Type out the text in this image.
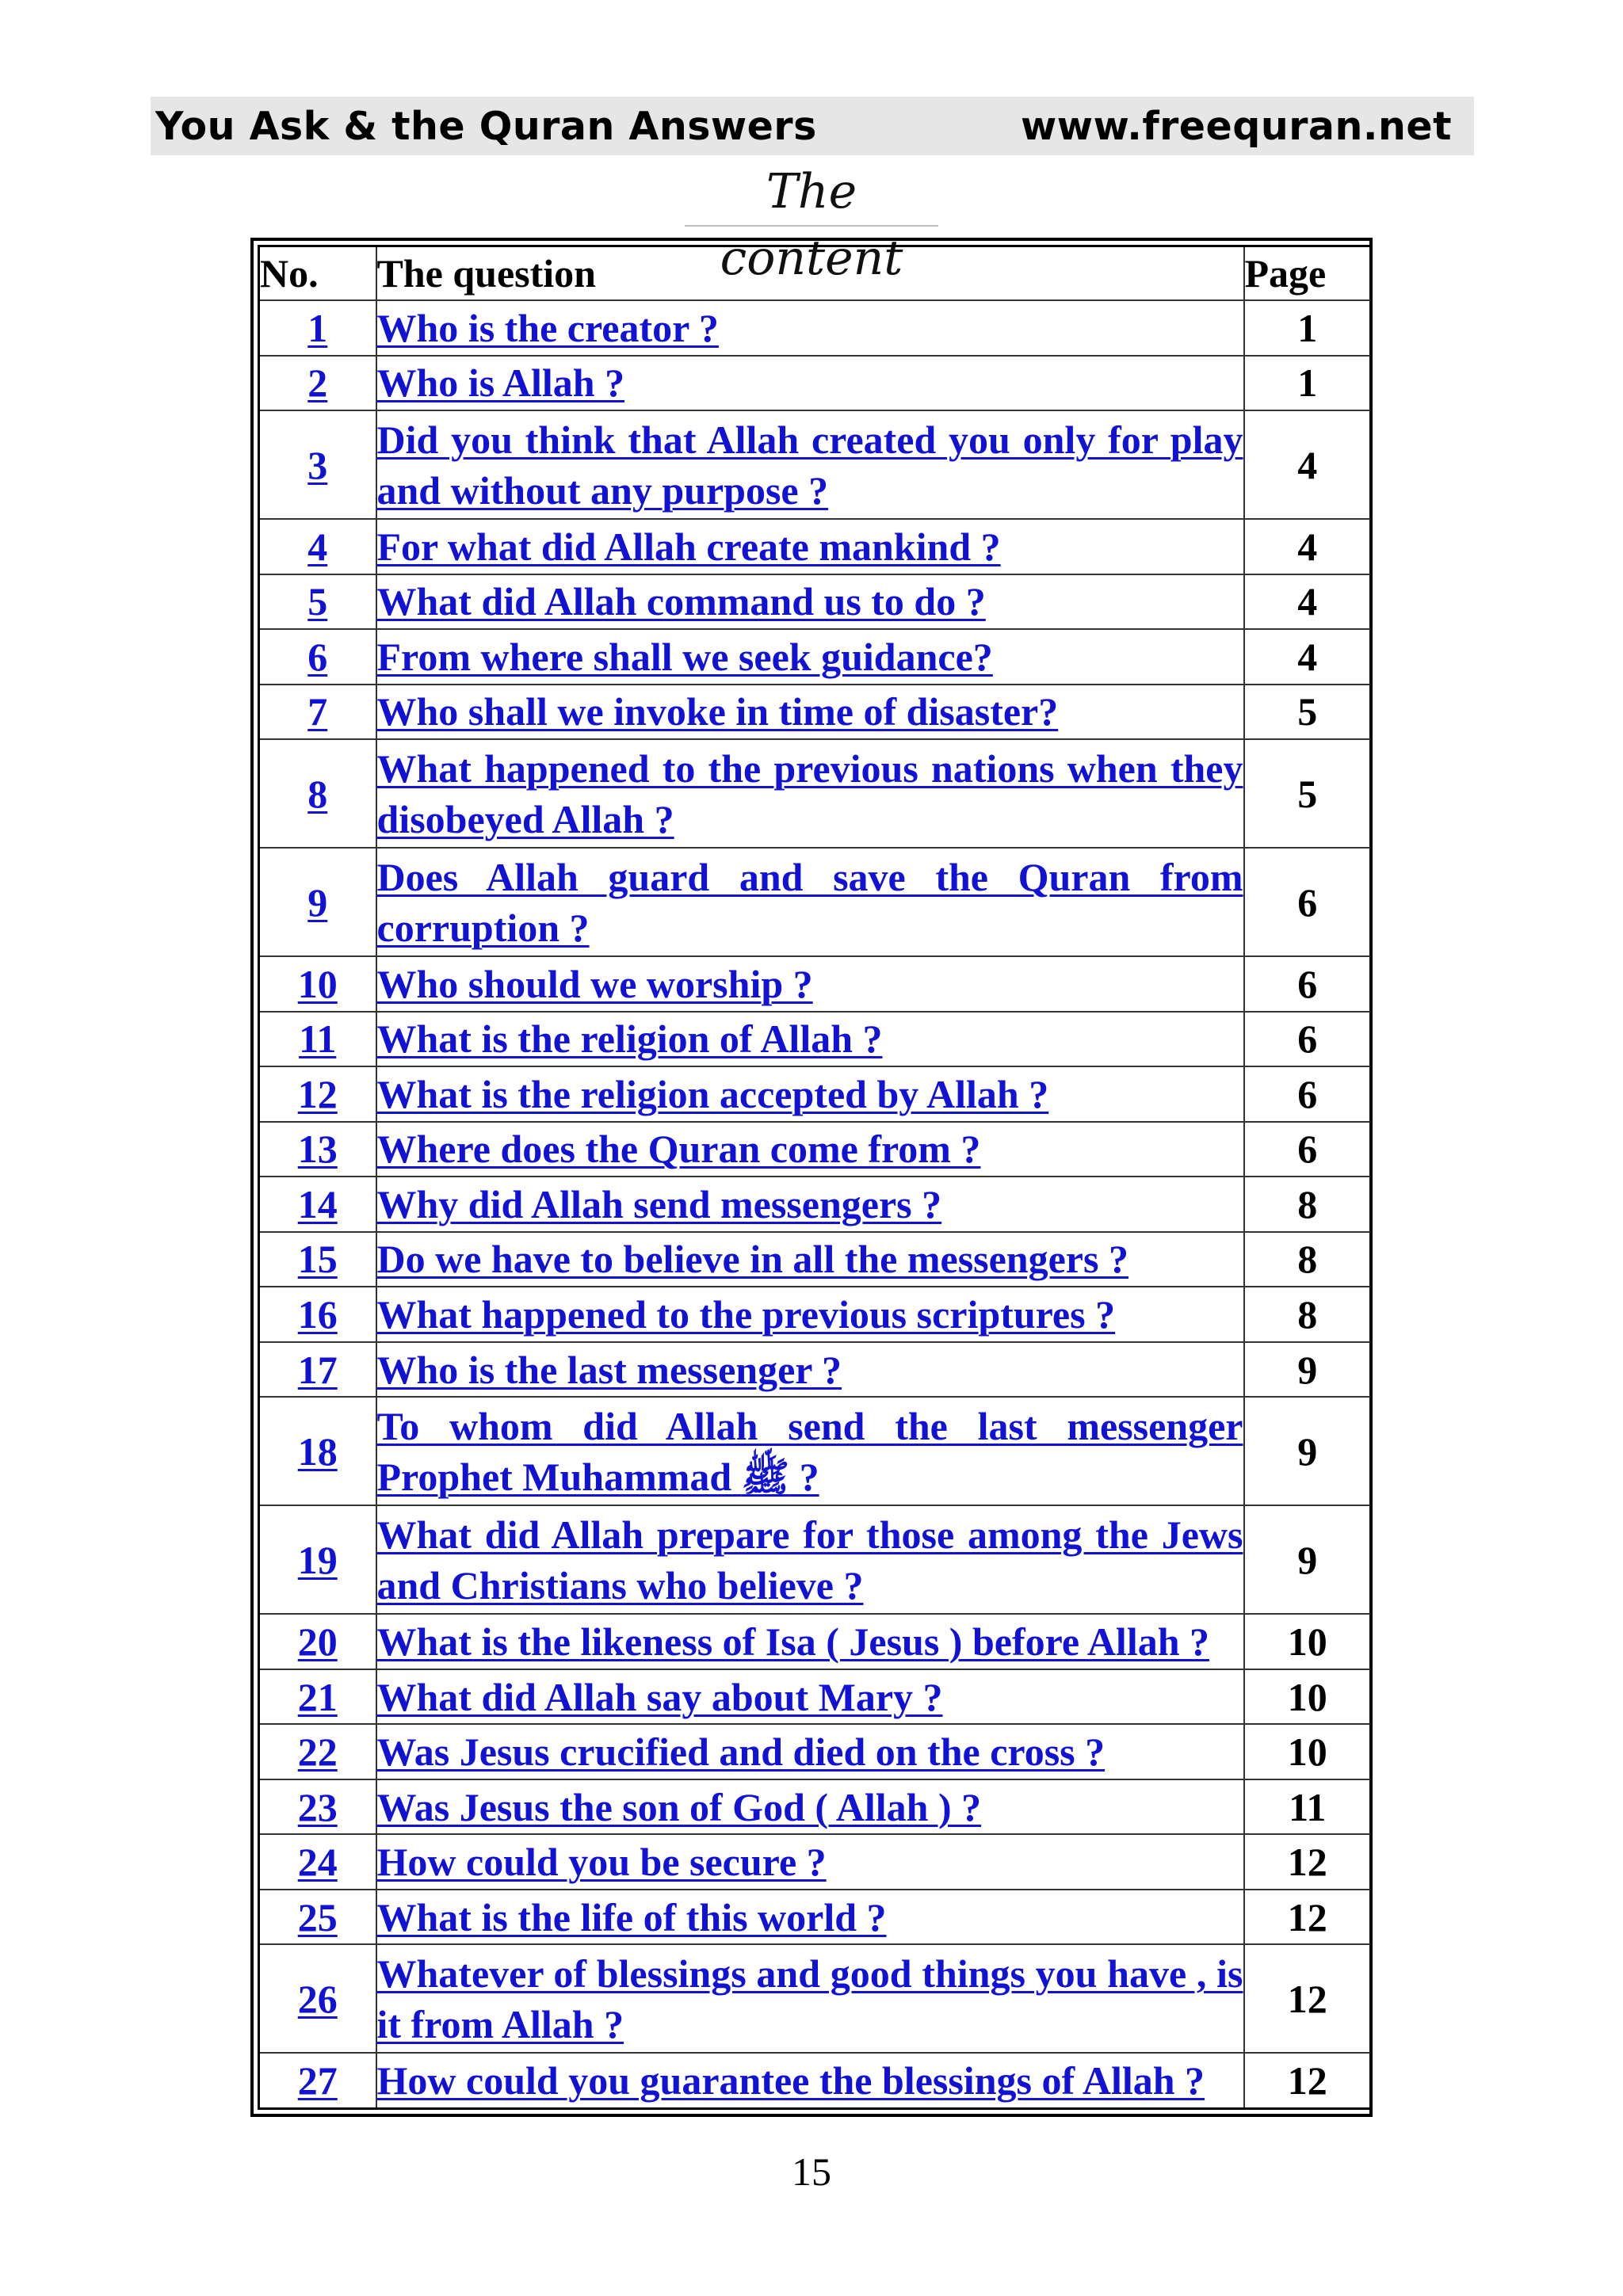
You Ask & the Quran Answers	www.freequran.net
The content
No.	The question	Page
1	Who is the creator ?	1
2	Who is Allah ?	1
3	Did you think that Allah created you only for play and without any purpose ?	4
4	For what did Allah create mankind ?	4
5	What did Allah command us to do ?	4
6	From where shall we seek guidance?	4
7	Who shall we invoke in time of disaster?	5
8	What happened to the previous nations when they disobeyed Allah ?	5
9	Does Allah guard and save the Quran from corruption ?	6
10	Who should we worship ?	6
11	What is the religion of Allah ?	6
12	What is the religion accepted by Allah ?	6
13	Where does the Quran come from ?	6
14	Why did Allah send messengers ?	8
15	Do we have to believe in all the messengers ?	8
16	What happened to the previous scriptures ?	8
17	Who is the last messenger ?	9
18	To whom did Allah send the last messenger Prophet Muhammad ﷺ ?	9
19	What did Allah prepare for those among the Jews and Christians who believe ?	9
20	What is the likeness of Isa ( Jesus ) before Allah ?	10
21	What did Allah say about Mary ?	10
22	Was Jesus crucified and died on the cross ?	10
23	Was Jesus the son of God ( Allah ) ?	11
24	How could you be secure ?	12
25	What is the life of this world ?	12
26	Whatever of blessings and good things you have , is it from Allah ?	12
27	How could you guarantee the blessings of Allah ?	12
15
